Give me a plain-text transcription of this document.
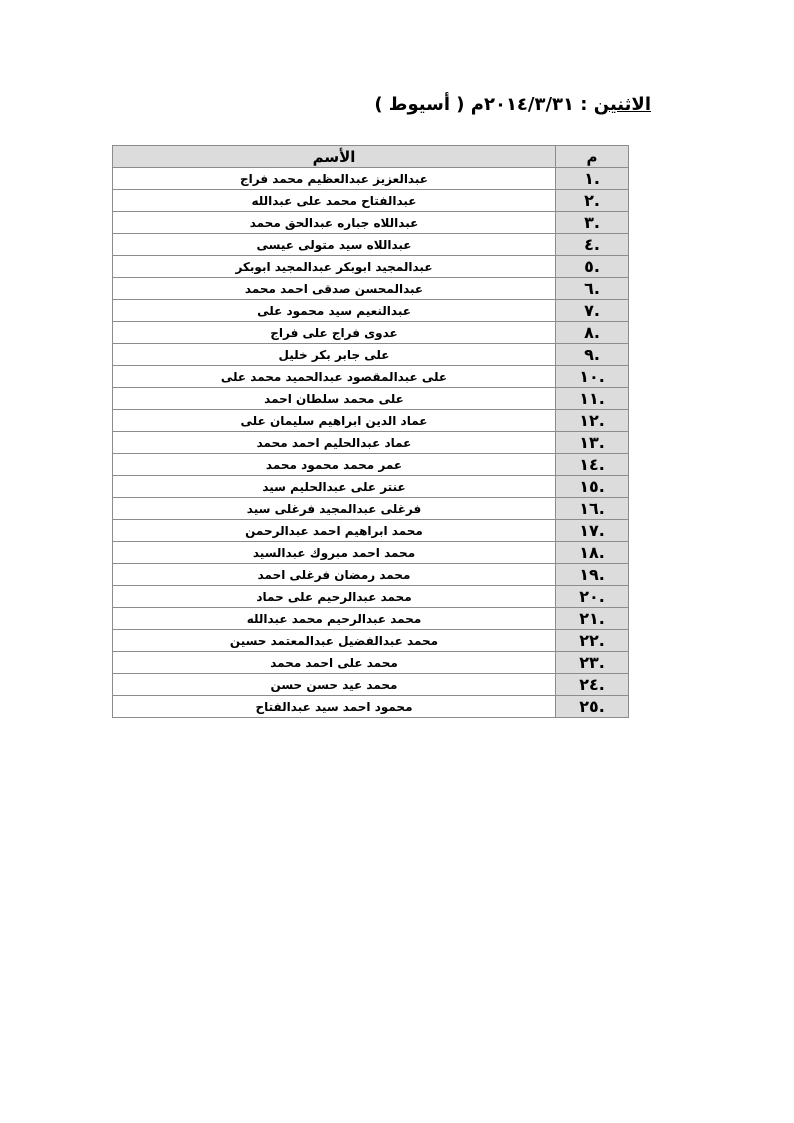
الاثنين : ٢٠١٤/٣/٣١م ( أسيوط )
م	الأسم
.١	عبدالعزيز عبدالعظيم محمد فراج
.٢	عبدالفتاح محمد على عبدالله
.٣	عبداللاه جباره عبدالحق محمد
.٤	عبداللاه سيد متولى عيسى
.٥	عبدالمجيد ابوبكر عبدالمجيد ابوبكر
.٦	عبدالمحسن صدقى احمد محمد
.٧	عبدالنعيم سيد محمود على
.٨	عدوى فراج على فراج
.٩	على جابر بكر خليل
.١٠	على عبدالمقصود عبدالحميد محمد على
.١١	على محمد سلطان احمد
.١٢	عماد الدين ابراهيم سليمان على
.١٣	عماد عبدالحليم احمد محمد
.١٤	عمر محمد محمود محمد
.١٥	عنتر على عبدالحليم سيد
.١٦	فرغلى عبدالمجيد فرغلى سيد
.١٧	محمد ابراهيم احمد عبدالرحمن
.١٨	محمد احمد مبروك عبدالسيد
.١٩	محمد رمضان فرغلى احمد
.٢٠	محمد عبدالرحيم على حماد
.٢١	محمد عبدالرحيم محمد عبدالله
.٢٢	محمد عبدالفضيل عبدالمعتمد حسين
.٢٣	محمد على احمد محمد
.٢٤	محمد عيد حسن حسن
.٢٥	محمود احمد سيد عبدالفتاح
